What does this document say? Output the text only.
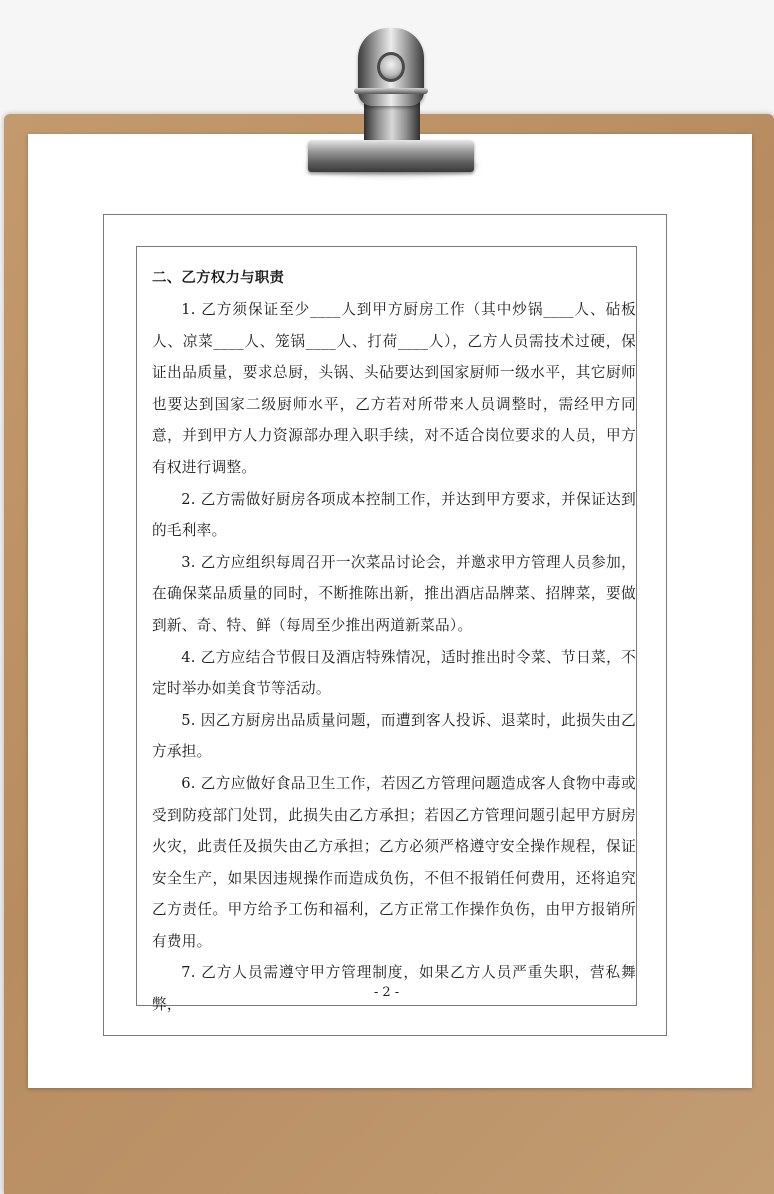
二、乙方权力与职责

1. 乙方须保证至少____人到甲方厨房工作（其中炒锅____人、砧板人、凉菜____人、笼锅____人、打荷____人），乙方人员需技术过硬，保证出品质量，要求总厨，头锅、头砧要达到国家厨师一级水平，其它厨师也要达到国家二级厨师水平，乙方若对所带来人员调整时，需经甲方同意，并到甲方人力资源部办理入职手续，对不适合岗位要求的人员，甲方有权进行调整。

2. 乙方需做好厨房各项成本控制工作，并达到甲方要求，并保证达到的毛利率。

3. 乙方应组织每周召开一次菜品讨论会，并邀求甲方管理人员参加，在确保菜品质量的同时，不断推陈出新，推出酒店品牌菜、招牌菜，要做到新、奇、特、鲜（每周至少推出两道新菜品）。

4. 乙方应结合节假日及酒店特殊情况，适时推出时令菜、节日菜，不定时举办如美食节等活动。

5. 因乙方厨房出品质量问题，而遭到客人投诉、退菜时，此损失由乙方承担。

6. 乙方应做好食品卫生工作，若因乙方管理问题造成客人食物中毒或受到防疫部门处罚，此损失由乙方承担；若因乙方管理问题引起甲方厨房火灾，此责任及损失由乙方承担；乙方必须严格遵守安全操作规程，保证安全生产，如果因违规操作而造成负伤，不但不报销任何费用，还将追究乙方责任。甲方给予工伤和福利，乙方正常工作操作负伤，由甲方报销所有费用。

7. 乙方人员需遵守甲方管理制度，如果乙方人员严重失职，营私舞弊，

- 2 -
